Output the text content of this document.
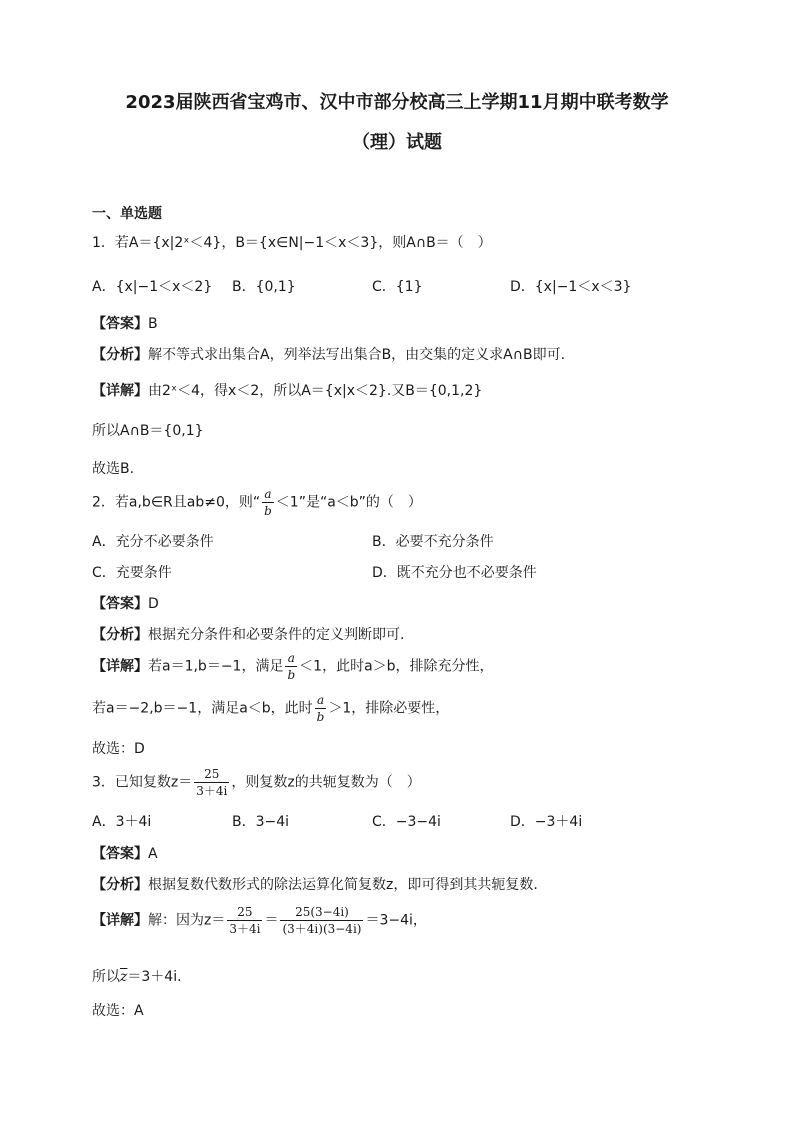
2023届陕西省宝鸡市、汉中市部分校高三上学期11月期中联考数学
（理）试题
一、单选题
1．若A＝{x|2ˣ＜4}，B＝{x∈N|−1＜x＜3}，则A∩B＝（　）
A．{x|−1＜x＜2} B．{0,1}	C．{1}	D．{x|−1＜x＜3}
【答案】B
【分析】解不等式求出集合A，列举法写出集合B，由交集的定义求A∩B即可.
【详解】由2ˣ＜4，得x＜2，所以A＝{x|x＜2}.又B＝{0,1,2}
所以A∩B＝{0,1}
故选B.
2．若a,b∈R且ab≠0，则“ $\frac{a}{b} <1$”是“a＜b”的（　）
A．充分不必要条件	B．必要不充分条件
C．充要条件	D．既不充分也不必要条件
【答案】D
【分析】根据充分条件和必要条件的定义判断即可.
【详解】若a＝1,b＝−1，满足 $\frac{a}{b} <1$，此时a＞b，排除充分性，
若a＝−2,b＝−1，满足a＜b，此时 $\frac{a}{b} >1$，排除必要性，
故选：D
3．已知复数$z= \frac{25}{3+4i}$ ，则复数z的共轭复数为（　）
A．3＋4i	B．3−4i	C．−3−4i	D．−3＋4i
【答案】A
【分析】根据复数代数形式的除法运算化简复数z，即可得到其共轭复数.
【详解】解：因为$z= \frac{25}{3+4i} = \frac{25(3-4i)}{(3+4i)(3-4i)} =3-4i$，
所以$\overline{z}=3+4i$.
故选：A
